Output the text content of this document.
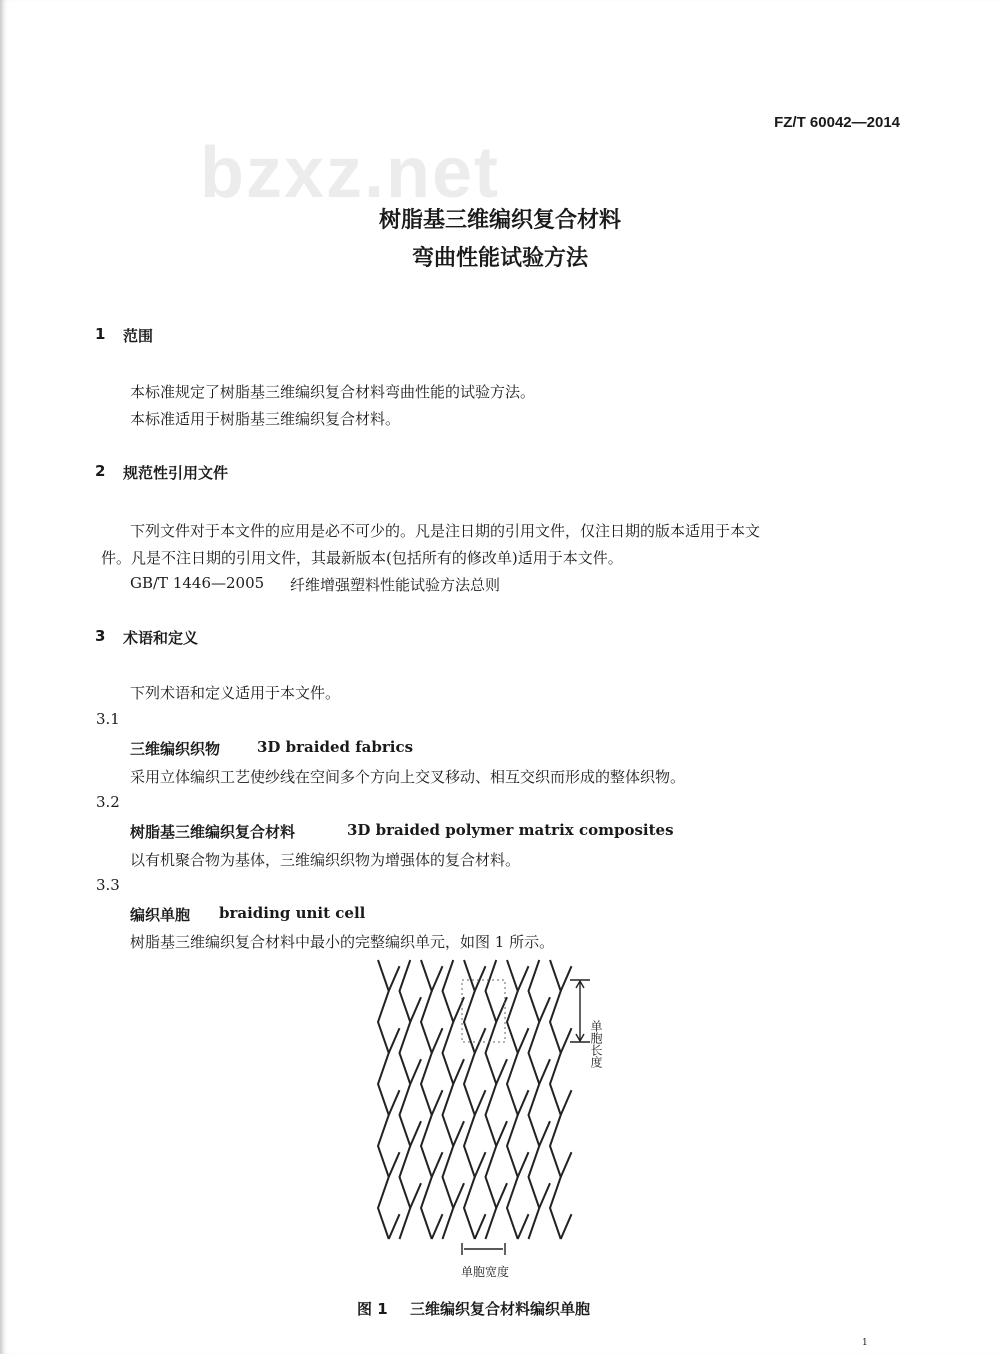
FZ/T 60042—2014
bzxz.net
树脂基三维编织复合材料
弯曲性能试验方法
1 范围
本标准规定了树脂基三维编织复合材料弯曲性能的试验方法。
本标准适用于树脂基三维编织复合材料。
2 规范性引用文件
下列文件对于本文件的应用是必不可少的。凡是注日期的引用文件，仅注日期的版本适用于本文
件。凡是不注日期的引用文件，其最新版本(包括所有的修改单)适用于本文件。
GB/T 1446—2005 纤维增强塑料性能试验方法总则
3 术语和定义
下列术语和定义适用于本文件。
3.1
三维编织织物 3D braided fabrics
采用立体编织工艺使纱线在空间多个方向上交叉移动、相互交织而形成的整体织物。
3.2
树脂基三维编织复合材料	3D braided polymer matrix composites
以有机聚合物为基体，三维编织织物为增强体的复合材料。
3.3
编织单胞 braiding unit cell
树脂基三维编织复合材料中最小的完整编织单元，如图 1 所示。
单胞长度
单胞宽度
图 1 三维编织复合材料编织单胞
1
